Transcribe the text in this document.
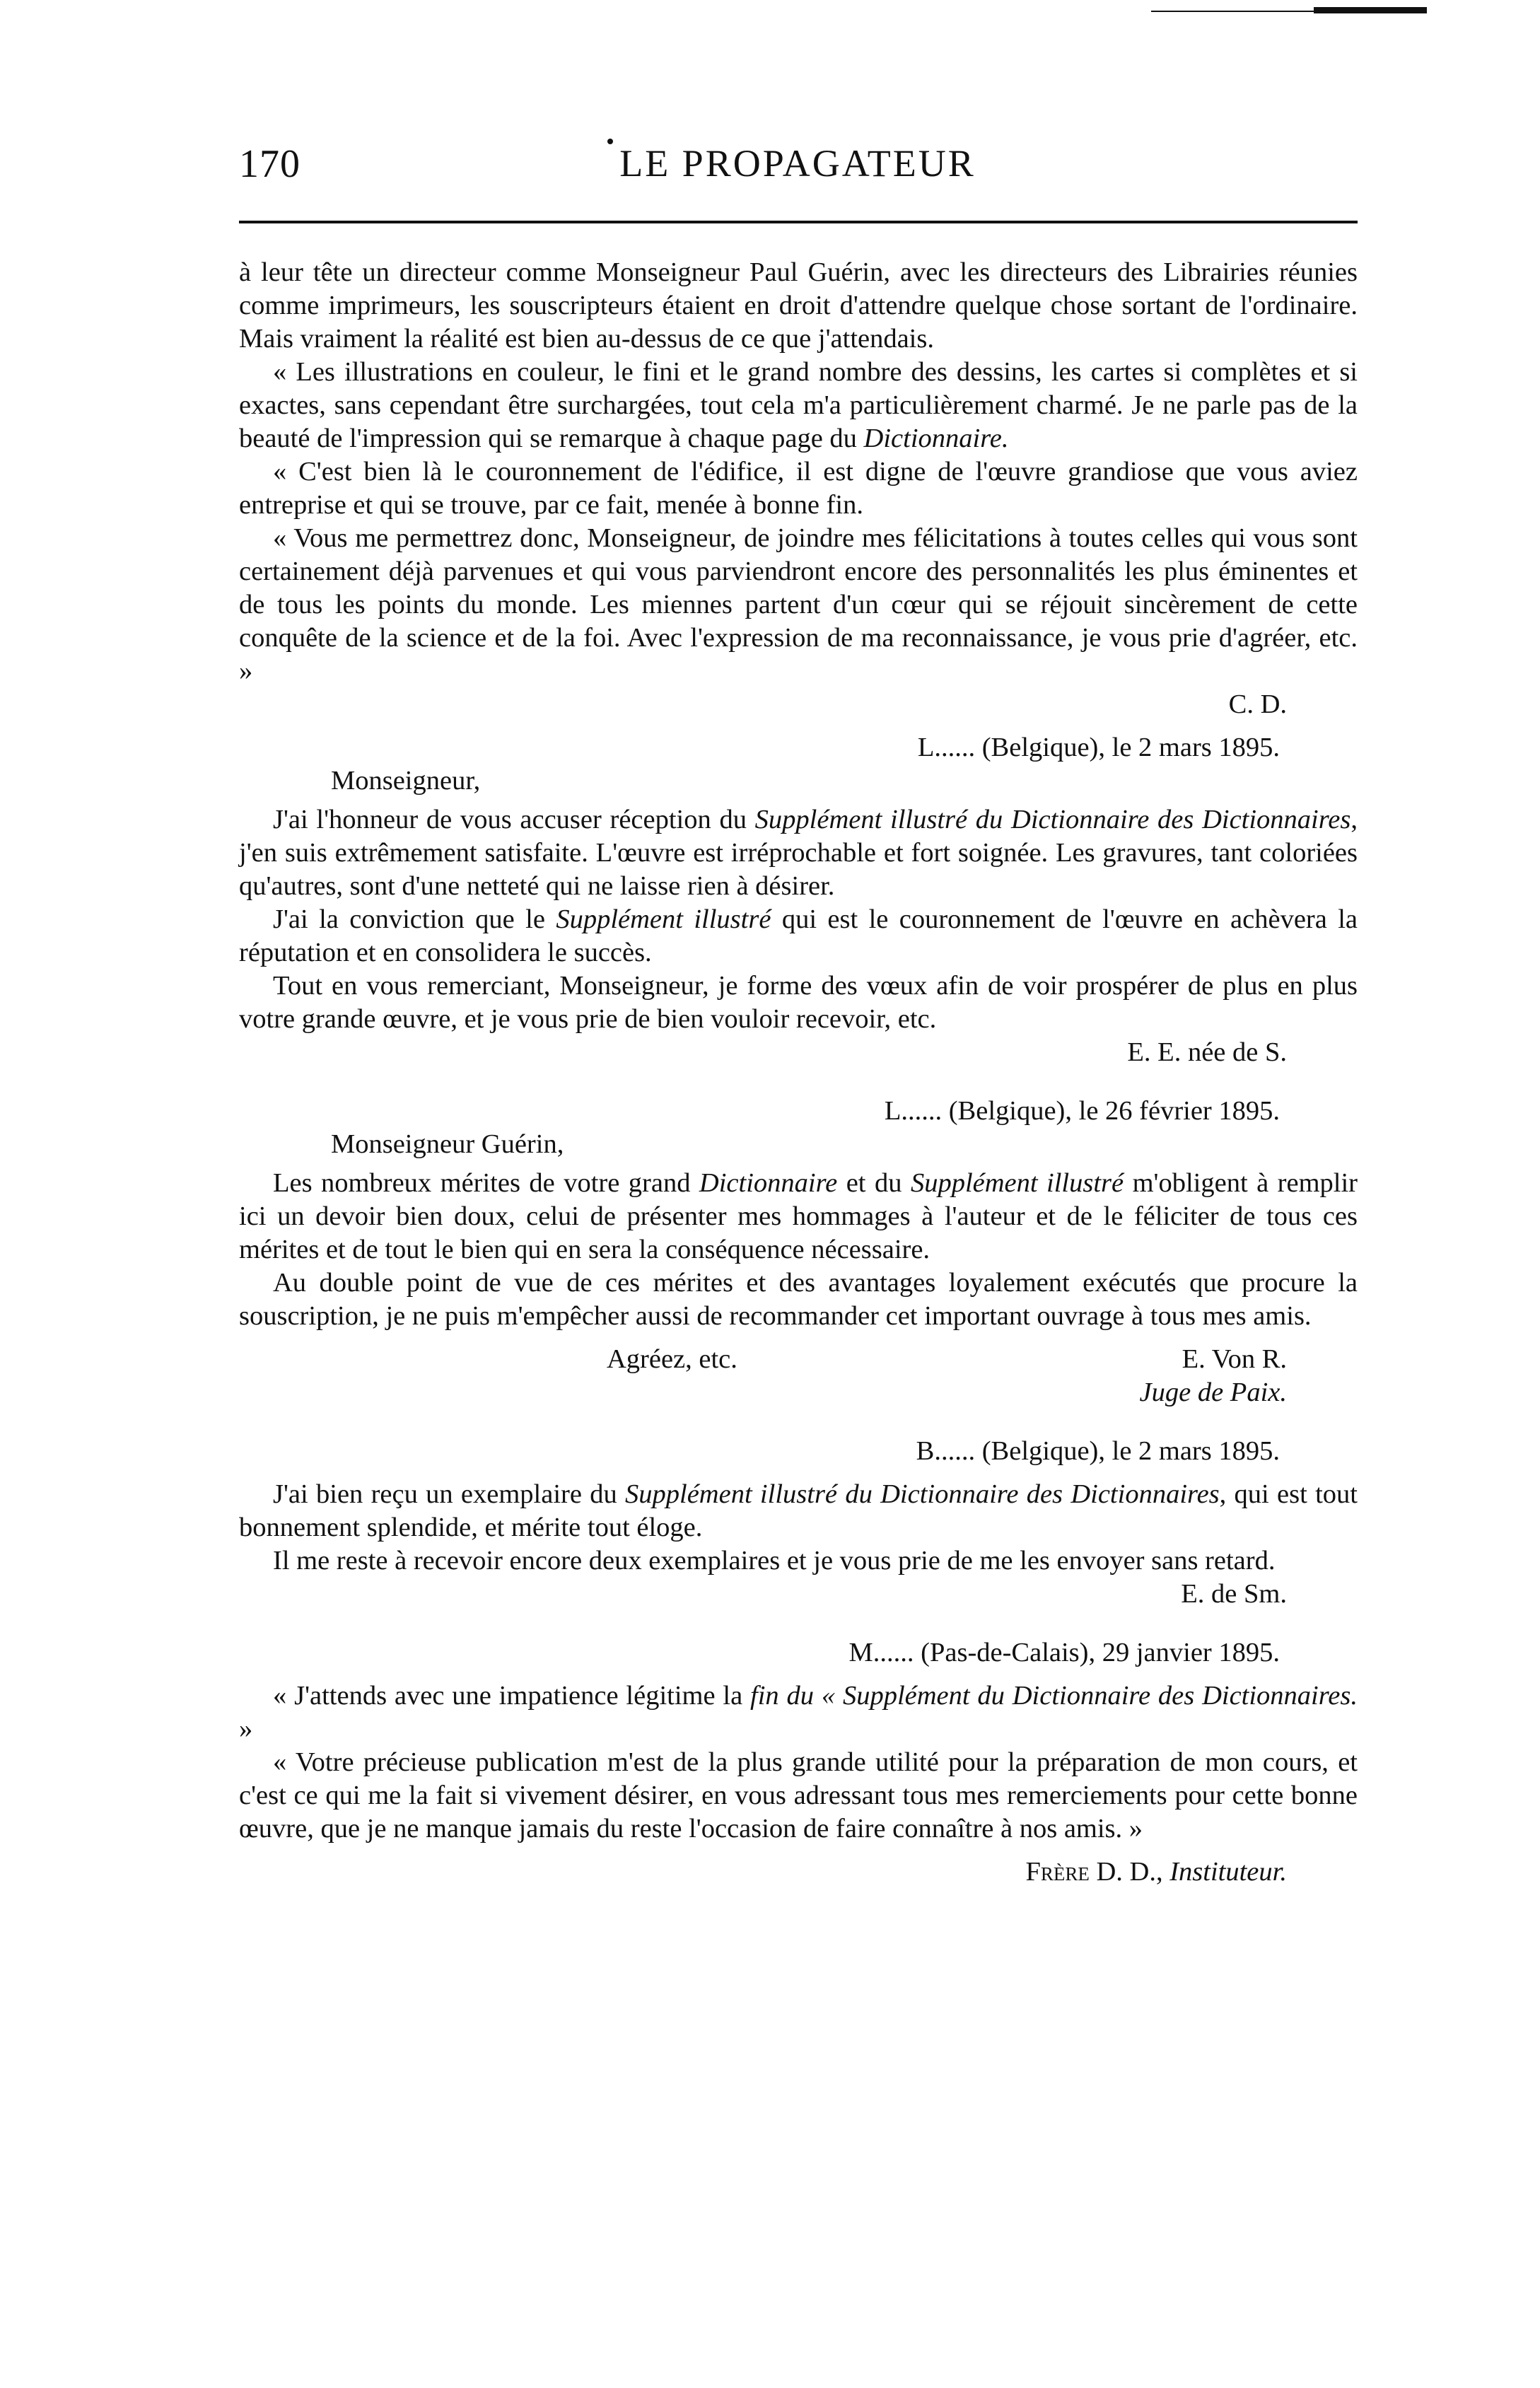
170	LE PROPAGATEUR

à leur tête un directeur comme Monseigneur Paul Guérin, avec les directeurs des Librairies réunies comme imprimeurs, les souscripteurs étaient en droit d'attendre quelque chose sortant de l'ordinaire. Mais vraiment la réalité est bien au-dessus de ce que j'attendais.

« Les illustrations en couleur, le fini et le grand nombre des dessins, les cartes si complètes et si exactes, sans cependant être surchargées, tout cela m'a particulièrement charmé. Je ne parle pas de la beauté de l'impression qui se remarque à chaque page du Dictionnaire.

« C'est bien là le couronnement de l'édifice, il est digne de l'œuvre grandiose que vous aviez entreprise et qui se trouve, par ce fait, menée à bonne fin.

« Vous me permettrez donc, Monseigneur, de joindre mes félicitations à toutes celles qui vous sont certainement déjà parvenues et qui vous parviendront encore des personnalités les plus éminentes et de tous les points du monde. Les miennes partent d'un cœur qui se réjouit sincèrement de cette conquête de la science et de la foi. Avec l'expression de ma reconnaissance, je vous prie d'agréer, etc. »

C. D.
L...... (Belgique), le 2 mars 1895.
Monseigneur,

J'ai l'honneur de vous accuser réception du Supplément illustré du Dictionnaire des Dictionnaires, j'en suis extrêmement satisfaite. L'œuvre est irréprochable et fort soignée. Les gravures, tant coloriées qu'autres, sont d'une netteté qui ne laisse rien à désirer.

J'ai la conviction que le Supplément illustré qui est le couronnement de l'œuvre en achèvera la réputation et en consolidera le succès.

Tout en vous remerciant, Monseigneur, je forme des vœux afin de voir prospérer de plus en plus votre grande œuvre, et je vous prie de bien vouloir recevoir, etc.

E. E. née de S.
L...... (Belgique), le 26 février 1895.
Monseigneur Guérin,

Les nombreux mérites de votre grand Dictionnaire et du Supplément illustré m'obligent à remplir ici un devoir bien doux, celui de présenter mes hommages à l'auteur et de le féliciter de tous ces mérites et de tout le bien qui en sera la conséquence nécessaire.

Au double point de vue de ces mérites et des avantages loyalement exécutés que procure la souscription, je ne puis m'empêcher aussi de recommander cet important ouvrage à tous mes amis.

Agréez, etc.	E. Von R.
Juge de Paix.
B...... (Belgique), le 2 mars 1895.

J'ai bien reçu un exemplaire du Supplément illustré du Dictionnaire des Dictionnaires, qui est tout bonnement splendide, et mérite tout éloge.

Il me reste à recevoir encore deux exemplaires et je vous prie de me les envoyer sans retard.

E. de Sm.
M...... (Pas-de-Calais), 29 janvier 1895.

« J'attends avec une impatience légitime la fin du « Supplément du Dictionnaire des Dictionnaires. »

« Votre précieuse publication m'est de la plus grande utilité pour la préparation de mon cours, et c'est ce qui me la fait si vivement désirer, en vous adressant tous mes remerciements pour cette bonne œuvre, que je ne manque jamais du reste l'occasion de faire connaître à nos amis. »

Frère D. D.,
Instituteur.
